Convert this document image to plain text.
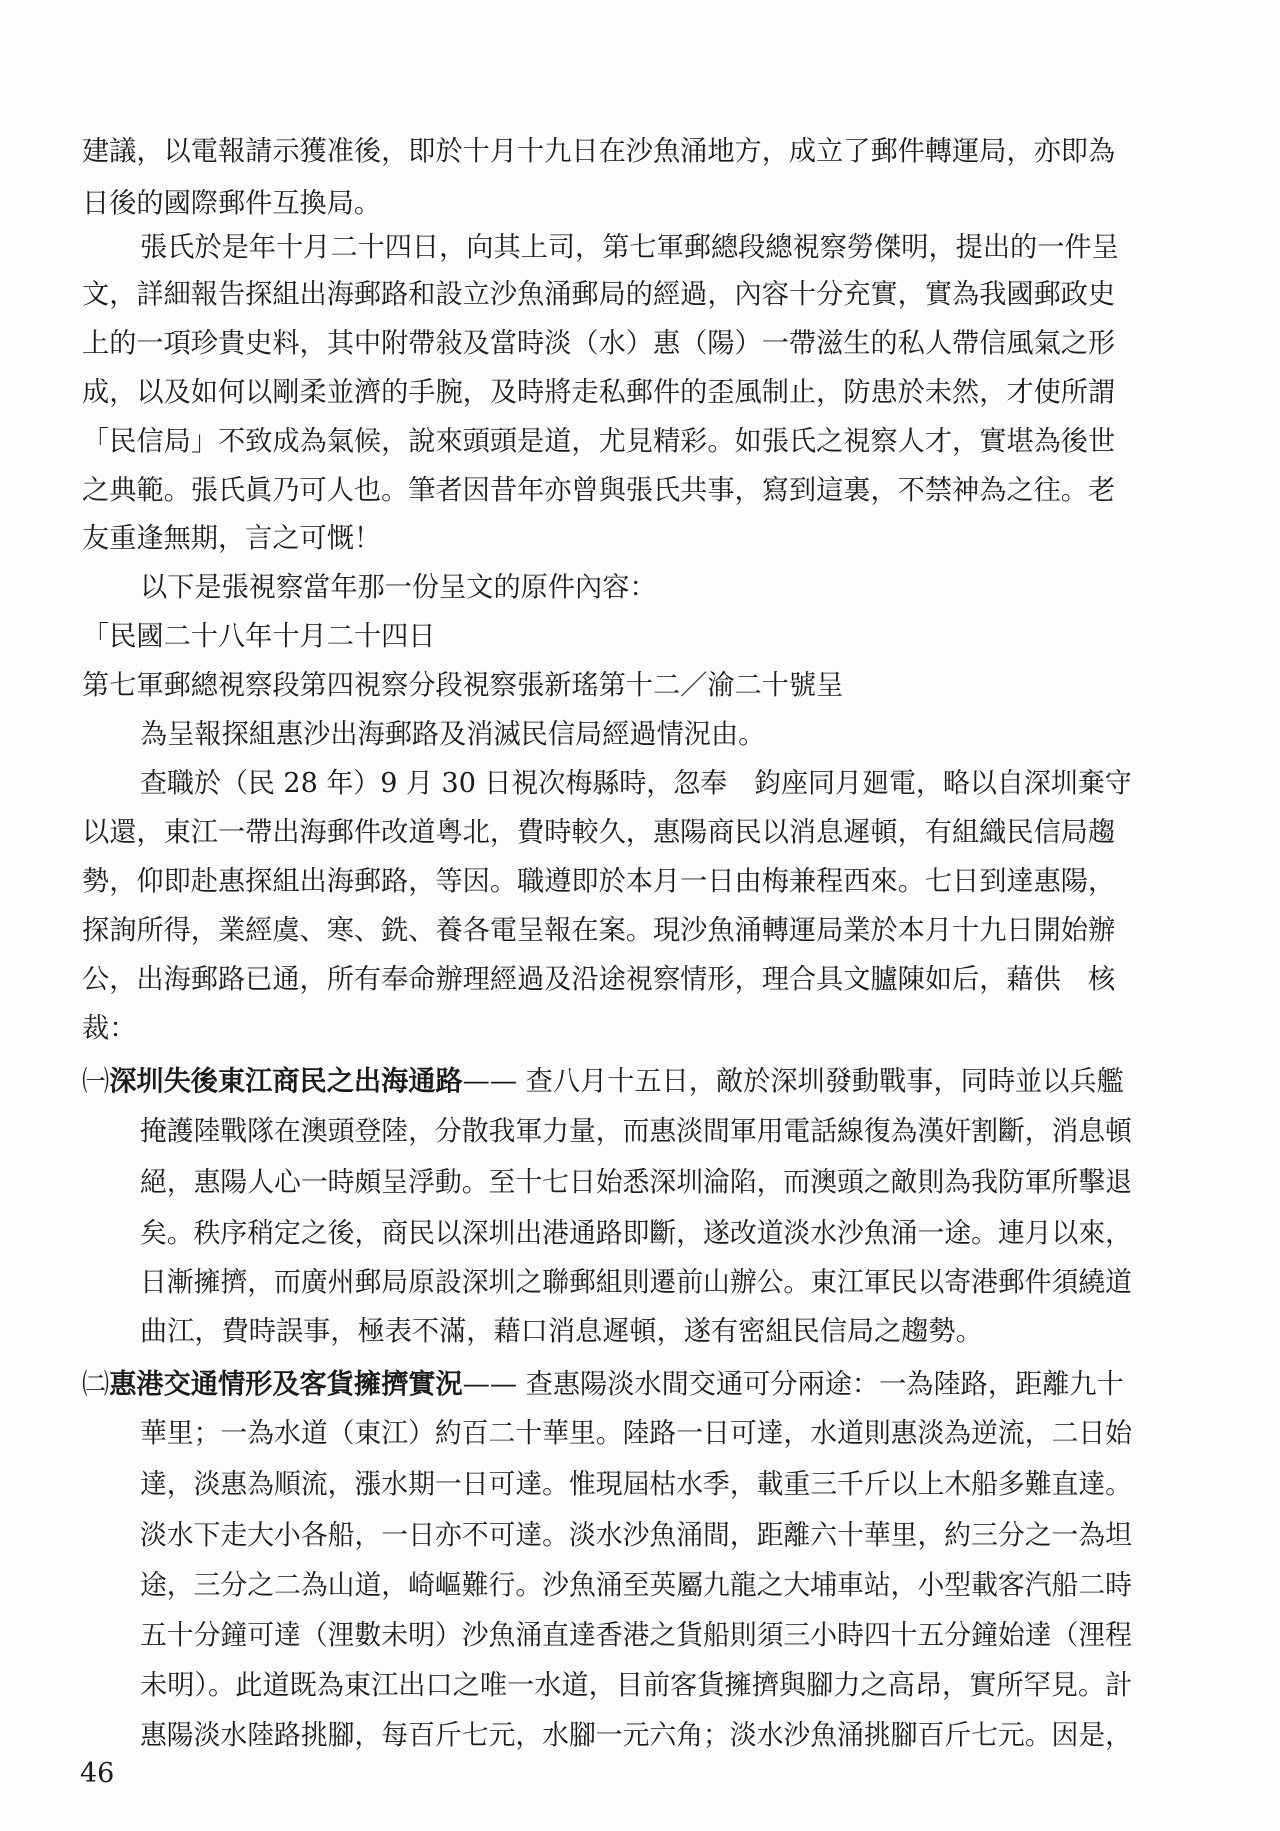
建議，以電報請示獲准後，即於十月十九日在沙魚涌地方，成立了郵件轉運局，亦即為
日後的國際郵件互換局。
張氏於是年十月二十四日，向其上司，第七軍郵總段總視察勞傑明，提出的一件呈
文，詳細報告探組出海郵路和設立沙魚涌郵局的經過，內容十分充實，實為我國郵政史
上的一項珍貴史料，其中附帶敍及當時淡（水）惠（陽）一帶滋生的私人帶信風氣之形
成，以及如何以剛柔並濟的手腕，及時將走私郵件的歪風制止，防患於未然，才使所謂
「民信局」不致成為氣候，說來頭頭是道，尤見精彩。如張氏之視察人才，實堪為後世
之典範。張氏眞乃可人也。筆者因昔年亦曾與張氏共事，寫到這裏，不禁神為之往。老
友重逢無期，言之可慨！
以下是張視察當年那一份呈文的原件內容：
「民國二十八年十月二十四日
第七軍郵總視察段第四視察分段視察張新瑤第十二／渝二十號呈
為呈報探組惠沙出海郵路及消滅民信局經過情況由。
查職於（民 28 年）9 月 30 日視次梅縣時，忽奉　鈞座同月廻電，略以自深圳棄守
以還，東江一帶出海郵件改道粵北，費時較久，惠陽商民以消息遲頓，有組織民信局趨
勢，仰即赴惠探組出海郵路，等因。職遵即於本月一日由梅兼程西來。七日到達惠陽，
探詢所得，業經虞、寒、銑、養各電呈報在案。現沙魚涌轉運局業於本月十九日開始辦
公，出海郵路已通，所有奉命辦理經過及沿途視察情形，理合具文臚陳如后，藉供　核
裁：
㈠深圳失後東江商民之出海通路—— 查八月十五日，敵於深圳發動戰事，同時並以兵艦
掩護陸戰隊在澳頭登陸，分散我軍力量，而惠淡間軍用電話線復為漢奸割斷，消息頓
絕，惠陽人心一時頗呈浮動。至十七日始悉深圳淪陷，而澳頭之敵則為我防軍所擊退
矣。秩序稍定之後，商民以深圳出港通路即斷，遂改道淡水沙魚涌一途。連月以來，
日漸擁擠，而廣州郵局原設深圳之聯郵組則遷前山辦公。東江軍民以寄港郵件須繞道
曲江，費時誤事，極表不滿，藉口消息遲頓，遂有密組民信局之趨勢。
㈡惠港交通情形及客貨擁擠實況—— 查惠陽淡水間交通可分兩途：一為陸路，距離九十
華里；一為水道（東江）約百二十華里。陸路一日可達，水道則惠淡為逆流，二日始
達，淡惠為順流，漲水期一日可達。惟現屆枯水季，載重三千斤以上木船多難直達。
淡水下走大小各船，一日亦不可達。淡水沙魚涌間，距離六十華里，約三分之一為坦
途，三分之二為山道，崎嶇難行。沙魚涌至英屬九龍之大埔車站，小型載客汽船二時
五十分鐘可達（浬數未明）沙魚涌直達香港之貨船則須三小時四十五分鐘始達（浬程
未明）。此道既為東江出口之唯一水道，目前客貨擁擠與腳力之高昂，實所罕見。計
惠陽淡水陸路挑腳，每百斤七元，水腳一元六角；淡水沙魚涌挑腳百斤七元。因是，
46
